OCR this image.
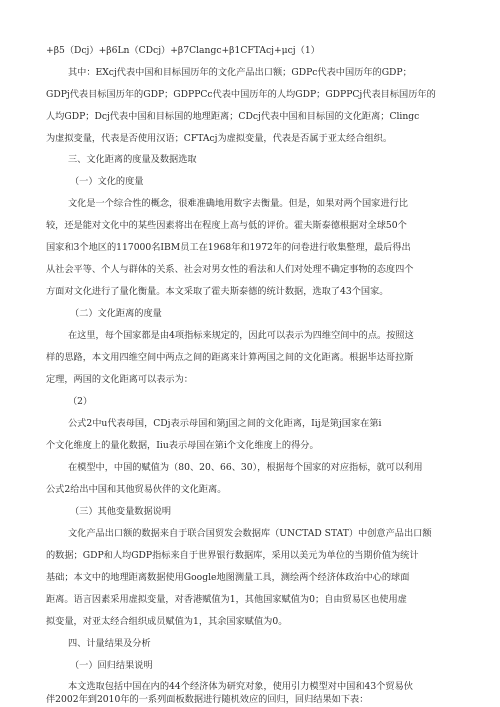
+β5（Dcj）+β6Ln（CDcj）+β7Clangc+β1CFTAcj+μcj（1）
其中：EXcj代表中国和目标国历年的文化产品出口额；GDPc代表中国历年的GDP；
GDPj代表目标国历年的GDP；GDPPCc代表中国历年的人均GDP；GDPPCj代表目标国历年的
人均GDP；Dcj代表中国和目标国的地理距离；CDcj代表中国和目标国的文化距离；Clingc
为虚拟变量，代表是否使用汉语；CFTAcj为虚拟变量，代表是否属于亚太经合组织。
三、文化距离的度量及数据选取
（一）文化的度量
文化是一个综合性的概念，很难准确地用数字去衡量。但是，如果对两个国家进行比
较，还是能对文化中的某些因素将出在程度上高与低的评价。霍夫斯泰德根据对全球50个
国家和3个地区的117000名IBM员工在1968年和1972年的问卷进行收集整理，最后得出
从社会平等、个人与群体的关系、社会对男女性的看法和人们对处理不确定事物的态度四个
方面对文化进行了量化衡量。本文采取了霍夫斯泰德的统计数据，选取了43个国家。
（二）文化距离的度量
在这里，每个国家都是由4项指标来规定的，因此可以表示为四维空间中的点。按照这
样的思路，本文用四维空间中两点之间的距离来计算两国之间的文化距离。根据毕达哥拉斯
定理，两国的文化距离可以表示为：
（2）
公式2中u代表母国，CDj表示母国和第j国之间的文化距离，Iij是第j国家在第i
个文化维度上的量化数据，Iiu表示母国在第i个文化维度上的得分。
在模型中，中国的赋值为（80、20、66、30），根据每个国家的对应指标，就可以利用
公式2给出中国和其他贸易伙伴的文化距离。
（三）其他变量数据说明
文化产品出口额的数据来自于联合国贸发会数据库（UNCTAD STAT）中创意产品出口额
的数据；GDP和人均GDP指标来自于世界银行数据库，采用以美元为单位的当期价值为统计
基础；本文中的地理距离数据使用Google地图测量工具，测绘两个经济体政治中心的球面
距离。语言因素采用虚拟变量，对香港赋值为1，其他国家赋值为0；自由贸易区也使用虚
拟变量，对亚太经合组织成员赋值为1，其余国家赋值为0。
四、计量结果及分析
（一）回归结果说明
本文选取包括中国在内的44个经济体为研究对象，使用引力模型对中国和43个贸易伙
伴2002年到2010年的一系列面板数据进行随机效应的回归，回归结果如下表：
